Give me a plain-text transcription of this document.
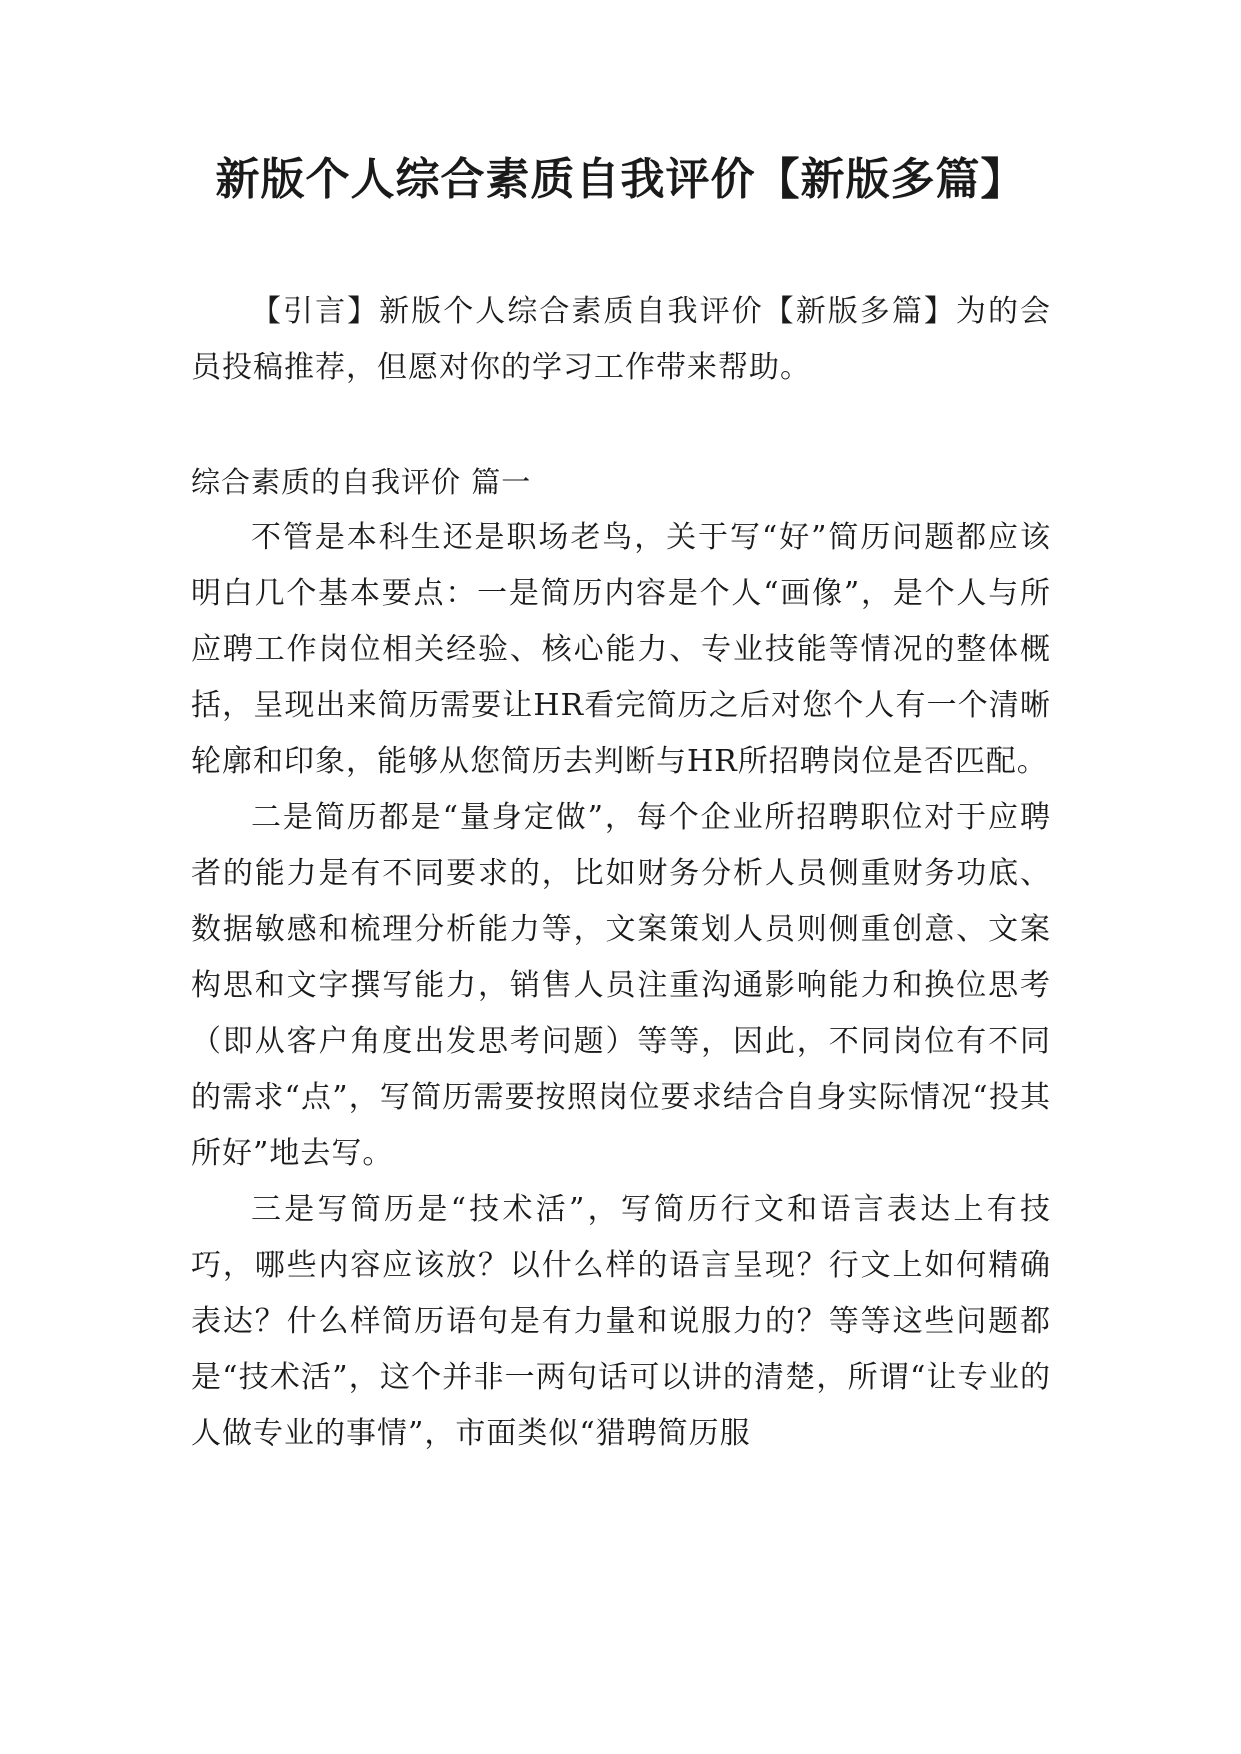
新版个人综合素质自我评价【新版多篇】

【引言】新版个人综合素质自我评价【新版多篇】为的会员投稿推荐，但愿对你的学习工作带来帮助。

综合素质的自我评价 篇一

不管是本科生还是职场老鸟，关于写“好”简历问题都应该明白几个基本要点：一是简历内容是个人“画像”，是个人与所应聘工作岗位相关经验、核心能力、专业技能等情况的整体概括，呈现出来简历需要让HR看完简历之后对您个人有一个清晰轮廓和印象，能够从您简历去判断与HR所招聘岗位是否匹配。

二是简历都是“量身定做”，每个企业所招聘职位对于应聘者的能力是有不同要求的，比如财务分析人员侧重财务功底、数据敏感和梳理分析能力等，文案策划人员则侧重创意、文案构思和文字撰写能力，销售人员注重沟通影响能力和换位思考（即从客户角度出发思考问题）等等，因此，不同岗位有不同的需求“点”，写简历需要按照岗位要求结合自身实际情况“投其所好”地去写。

三是写简历是“技术活”，写简历行文和语言表达上有技巧，哪些内容应该放？以什么样的语言呈现？行文上如何精确表达？什么样简历语句是有力量和说服力的？等等这些问题都是“技术活”，这个并非一两句话可以讲的清楚，所谓“让专业的人做专业的事情”，市面类似“猎聘简历服
